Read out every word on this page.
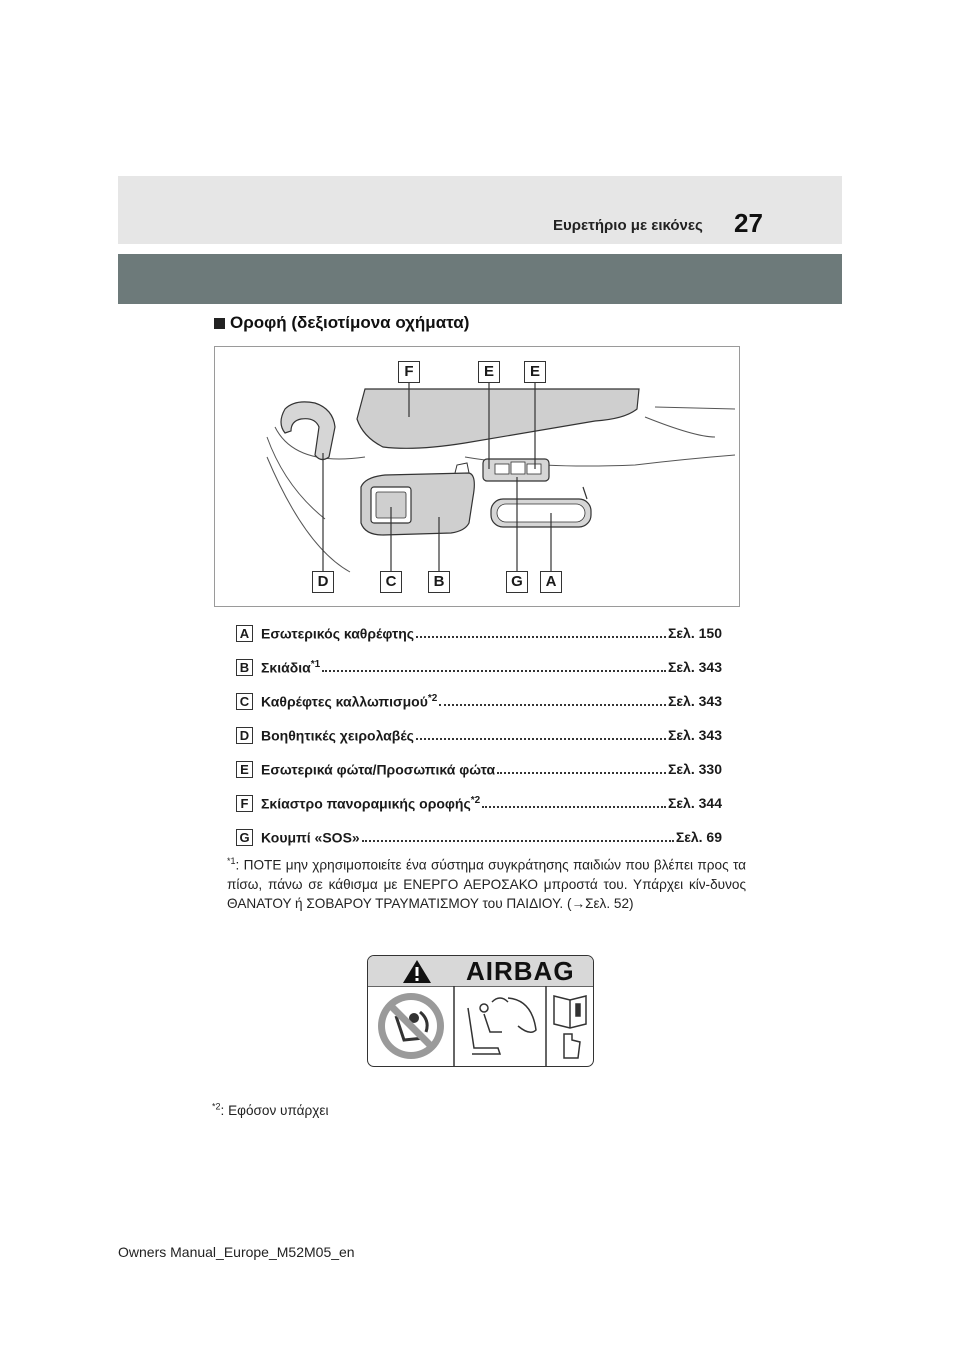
Ευρετήριο με εικόνες 27
Οροφή (δεξιοτίμονα οχήματα)
F	E	E
D	C	B	G	A
A Εσωτερικός καθρέφτης	Σελ. 150
B Σκιάδια$^{*1}$	Σελ. 343
C Καθρέφτες καλλωπισμού$^{*2}$	Σελ. 343
D Βοηθητικές χειρολαβές	Σελ. 343
E Εσωτερικά φώτα/Προσωπικά φώτα	Σελ. 330
F Σκίαστρο πανοραμικής οροφής$^{*2}$	Σελ. 344
G Κουμπί «SOS»	Σελ. 69
$^{*1}$: ΠΟΤΕ μην χρησιμοποιείτε ένα σύστημα συγκράτησης παιδιών που βλέπει προς τα πίσω, πάνω σε κάθισμα με ΕΝΕΡΓΟ ΑΕΡΟΣΑΚΟ μπροστά του. Υπάρχει κίν-δυνος ΘΑΝΑΤΟΥ ή ΣΟΒΑΡΟΥ ΤΡΑΥΜΑΤΙΣΜΟΥ του ΠΑΙΔΙΟΥ. (→Σελ. 52)
AIRBAG
$^{*2}$: Εφόσον υπάρχει
Owners Manual_Europe_M52M05_en
